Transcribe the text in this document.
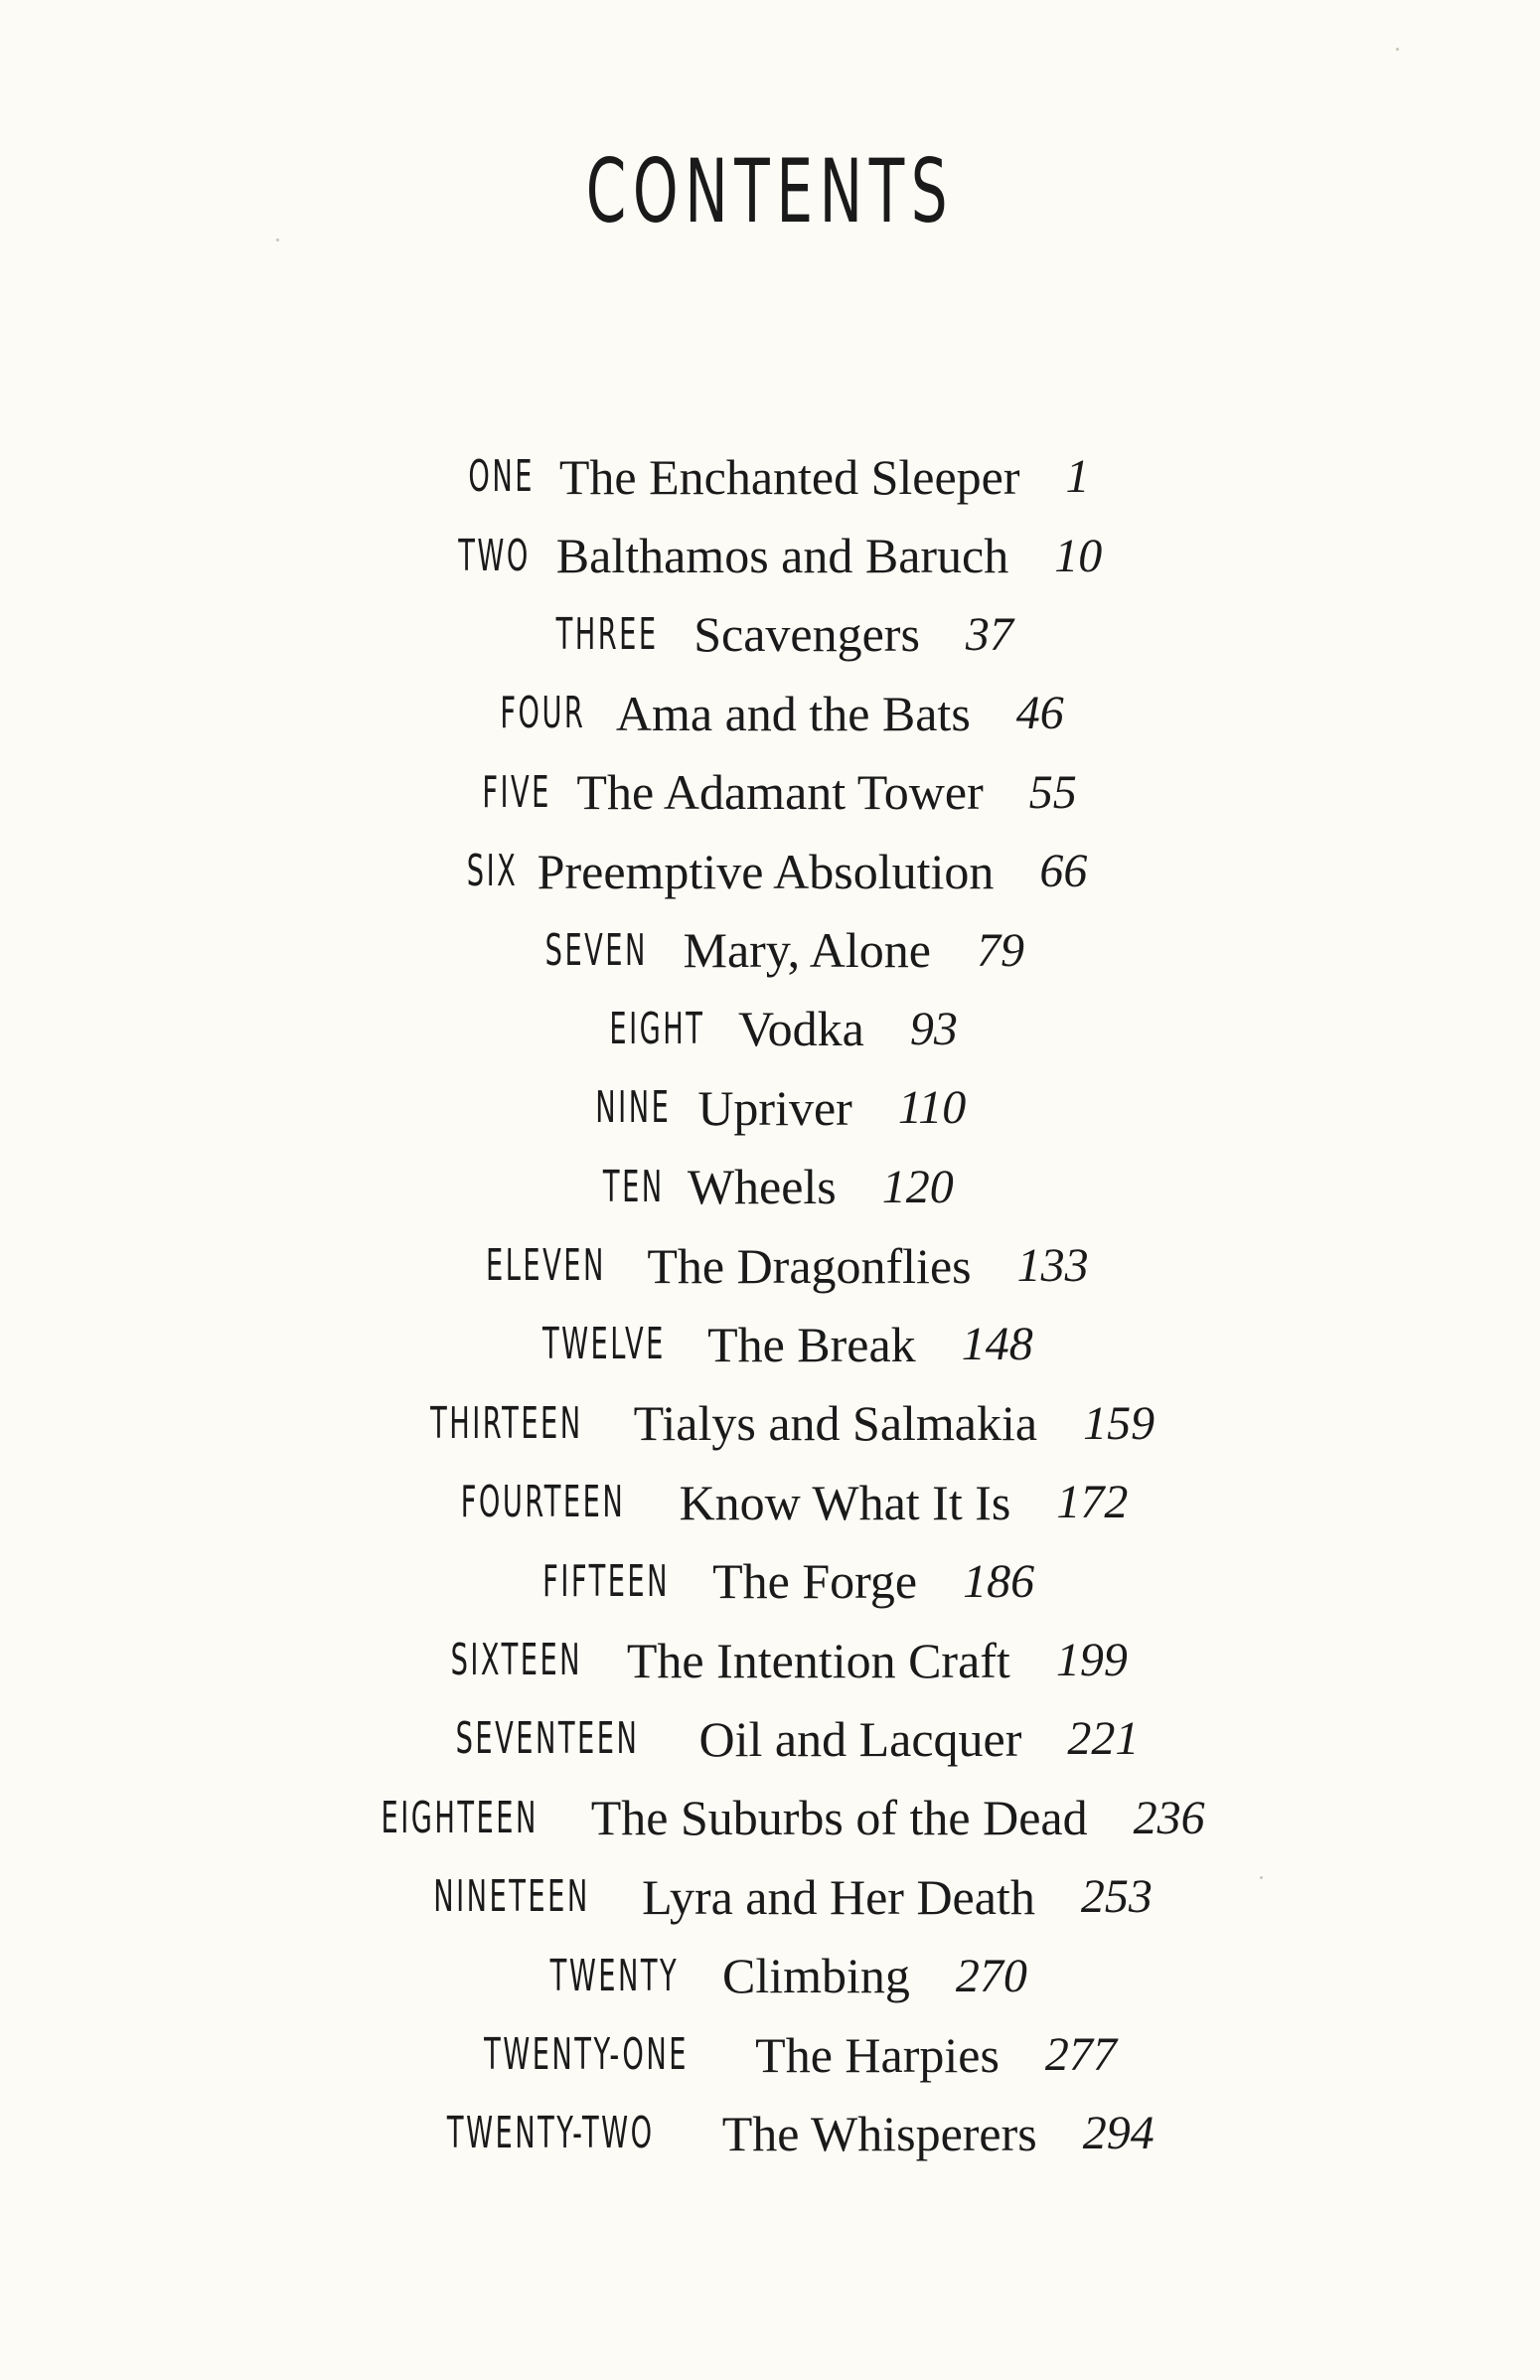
CONTENTS
ONE The Enchanted Sleeper 1
TWO Balthamos and Baruch 10
THREE Scavengers 37
FOUR Ama and the Bats 46
FIVE The Adamant Tower 55
SIX Preemptive Absolution 66
SEVEN Mary, Alone 79
EIGHT Vodka 93
NINE Upriver 110
TEN Wheels 120
ELEVEN The Dragonflies 133
TWELVE The Break 148
THIRTEEN Tialys and Salmakia 159
FOURTEEN Know What It Is 172
FIFTEEN The Forge 186
SIXTEEN The Intention Craft 199
SEVENTEEN Oil and Lacquer 221
EIGHTEEN The Suburbs of the Dead 236
NINETEEN Lyra and Her Death 253
TWENTY Climbing 270
TWENTY-ONE The Harpies 277
TWENTY-TWO The Whisperers 294
